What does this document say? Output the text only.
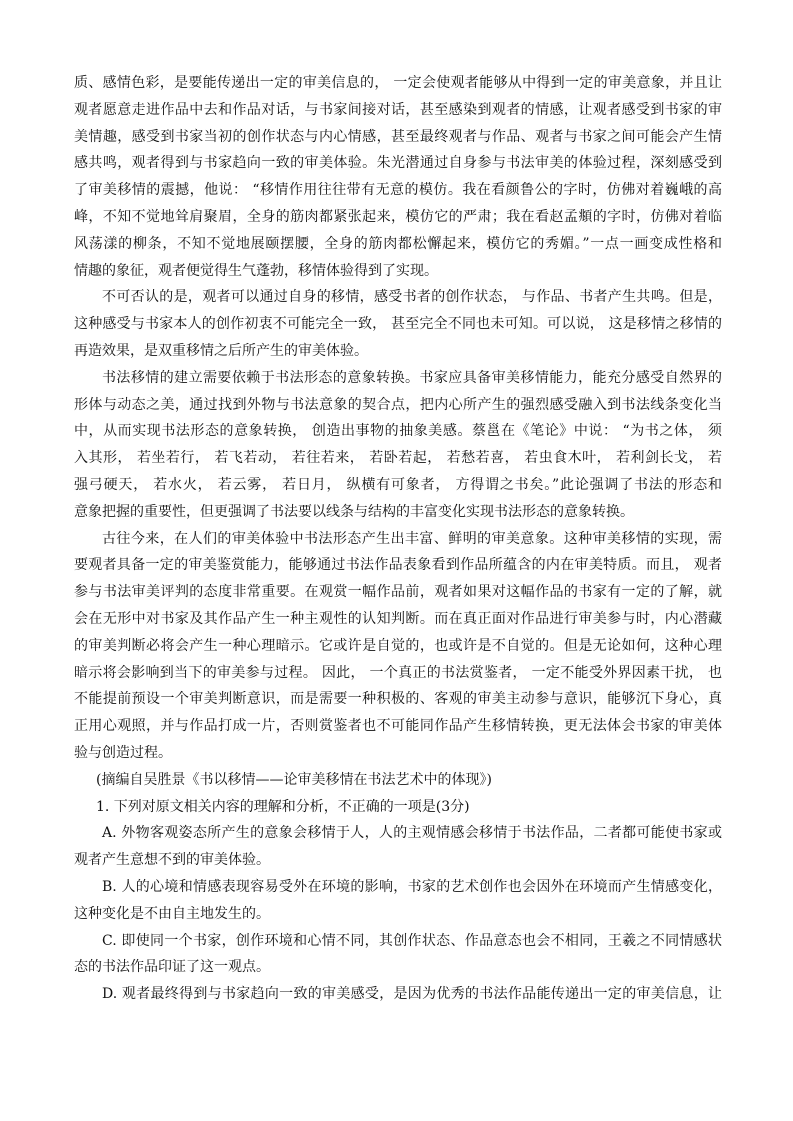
质、感情色彩，是要能传递出一定的审美信息的， 一定会使观者能够从中得到一定的审美意象，并且让
观者愿意走进作品中去和作品对话，与书家间接对话，甚至感染到观者的情感，让观者感受到书家的审
美情趣，感受到书家当初的创作状态与内心情感，甚至最终观者与作品、观者与书家之间可能会产生情
感共鸣，观者得到与书家趋向一致的审美体验。朱光潜通过自身参与书法审美的体验过程，深刻感受到
了审美移情的震撼，他说： “移情作用往往带有无意的模仿。我在看颜鲁公的字时，仿佛对着巍峨的高
峰，不知不觉地耸肩聚眉，全身的筋肉都紧张起来，模仿它的严肃；我在看赵孟頫的字时，仿佛对着临
风荡漾的柳条，不知不觉地展颐摆腰，全身的筋肉都松懈起来，模仿它的秀媚。”一点一画变成性格和
情趣的象征，观者便觉得生气蓬勃，移情体验得到了实现。
不可否认的是，观者可以通过自身的移情，感受书者的创作状态， 与作品、书者产生共鸣。但是，
这种感受与书家本人的创作初衷不可能完全一致， 甚至完全不同也未可知。可以说， 这是移情之移情的
再造效果，是双重移情之后所产生的审美体验。
书法移情的建立需要依赖于书法形态的意象转换。书家应具备审美移情能力，能充分感受自然界的
形体与动态之美，通过找到外物与书法意象的契合点，把内心所产生的强烈感受融入到书法线条变化当
中，从而实现书法形态的意象转换， 创造出事物的抽象美感。蔡邕在《笔论》中说： “为书之体， 须
入其形， 若坐若行， 若飞若动， 若往若来， 若卧若起， 若愁若喜， 若虫食木叶， 若利剑长戈， 若
强弓硬天， 若水火， 若云雾， 若日月， 纵横有可象者， 方得谓之书矣。”此论强调了书法的形态和
意象把握的重要性，但更强调了书法要以线条与结构的丰富变化实现书法形态的意象转换。
古往今来，在人们的审美体验中书法形态产生出丰富、鲜明的审美意象。这种审美移情的实现，需
要观者具备一定的审美鉴赏能力，能够通过书法作品表象看到作品所蕴含的内在审美特质。而且， 观者
参与书法审美评判的态度非常重要。在观赏一幅作品前，观者如果对这幅作品的书家有一定的了解，就
会在无形中对书家及其作品产生一种主观性的认知判断。而在真正面对作品进行审美参与时，内心潜藏
的审美判断必将会产生一种心理暗示。它或许是自觉的，也或许是不自觉的。但是无论如何，这种心理
暗示将会影响到当下的审美参与过程。 因此， 一个真正的书法赏鉴者， 一定不能受外界因素干扰， 也
不能提前预设一个审美判断意识，而是需要一种积极的、客观的审美主动参与意识，能够沉下身心，真
正用心观照，并与作品打成一片，否则赏鉴者也不可能同作品产生移情转换，更无法体会书家的审美体
验与创造过程。
(摘编自吴胜景《书以移情——论审美移情在书法艺术中的体现》)
1. 下列对原文相关内容的理解和分析，不正确的一项是(3分)
A. 外物客观姿态所产生的意象会移情于人，人的主观情感会移情于书法作品，二者都可能使书家或
观者产生意想不到的审美体验。
B. 人的心境和情感表现容易受外在环境的影响，书家的艺术创作也会因外在环境而产生情感变化，
这种变化是不由自主地发生的。
C. 即使同一个书家，创作环境和心情不同，其创作状态、作品意态也会不相同，王羲之不同情感状
态的书法作品印证了这一观点。
D. 观者最终得到与书家趋向一致的审美感受，是因为优秀的书法作品能传递出一定的审美信息，让
